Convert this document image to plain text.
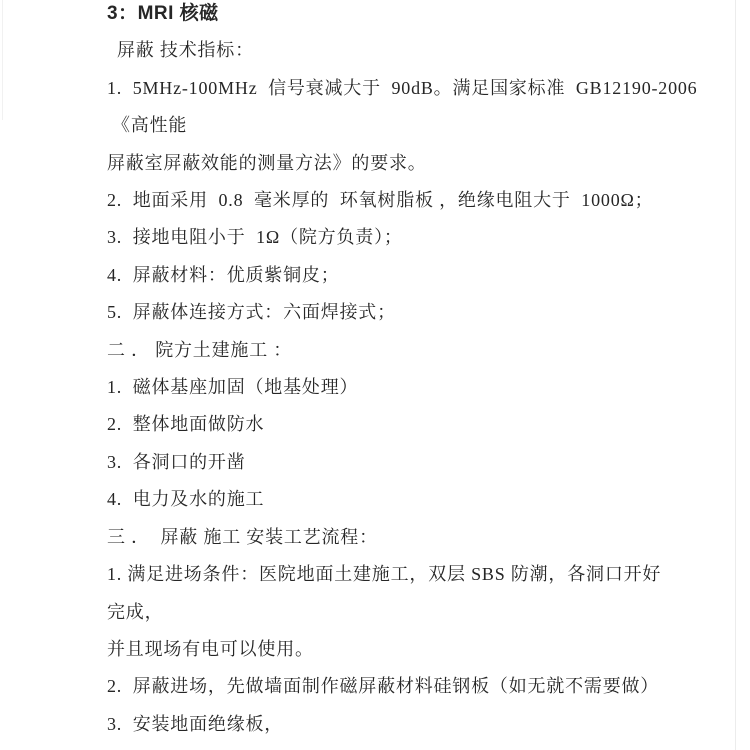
3：MRI 核磁

屏蔽 技术指标：

1.  5MHz-100MHz  信号衰减大于  90dB。满足国家标准  GB12190-2006

《高性能

屏蔽室屏蔽效能的测量方法》的要求。

2.  地面采用  0.8  毫米厚的  环氧树脂板 ，绝缘电阻大于  1000Ω；

3.  接地电阻小于  1Ω（院方负责）；

4.  屏蔽材料：优质紫铜皮；

5.  屏蔽体连接方式：六面焊接式；

二 ． 院方土建施工 ：

1.  磁体基座加固（地基处理）

2.  整体地面做防水

3.  各洞口的开凿

4.  电力及水的施工

三 ．  屏蔽 施工 安装工艺流程：

1. 满足进场条件：医院地面土建施工，双层 SBS 防潮，各洞口开好

完成，

并且现场有电可以使用。

2.  屏蔽进场，先做墙面制作磁屏蔽材料硅钢板（如无就不需要做）

3.  安装地面绝缘板，
